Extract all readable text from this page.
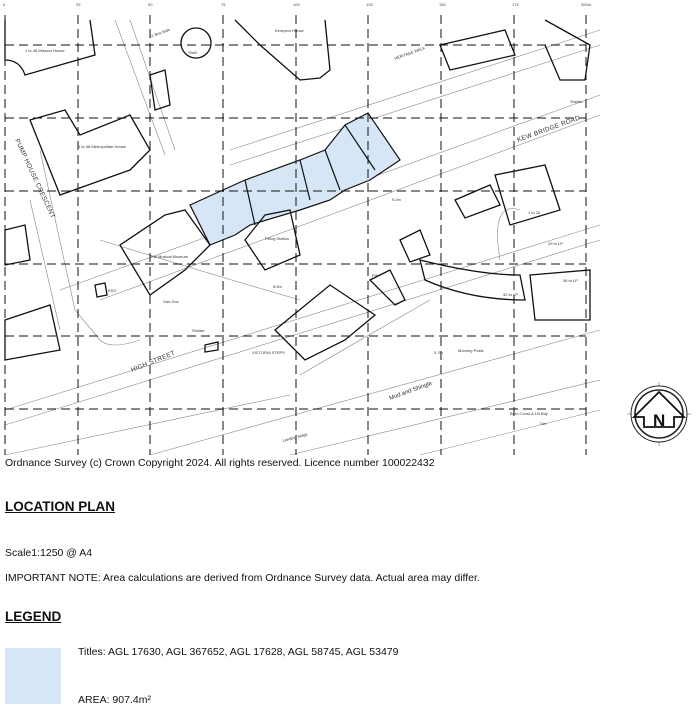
0	25	50	75	100	125	150	175	200m
1 to 48 Mission House
1 to 48 Metropolitan House
21 Bus Side
Shell
Kempton House
HERITAGE WALK
Shelter
KEW BRIDGE ROAD
PUMP HOUSE CRESCENT
The Musical Museum
Filling Station
ESS
Gas Gov
Shelter
HIGH STREET	VICTORIA STEPS
9.2m
8.5m
3.7m	Mooring Posts
Mud and Shingle
Landing Stage
Boro Const & LB Bdy
Def
1 to 20
29 to LP
32 to LP
36 to LP
PW
N
Ordnance Survey (c) Crown Copyright 2024. All rights reserved. Licence number 100022432
LOCATION PLAN
Scale1:1250 @ A4
IMPORTANT NOTE: Area calculations are derived from Ordnance Survey data. Actual area may differ.
LEGEND
Titles: AGL 17630, AGL 367652, AGL 17628, AGL 58745, AGL 53479
AREA: 907.4m²
